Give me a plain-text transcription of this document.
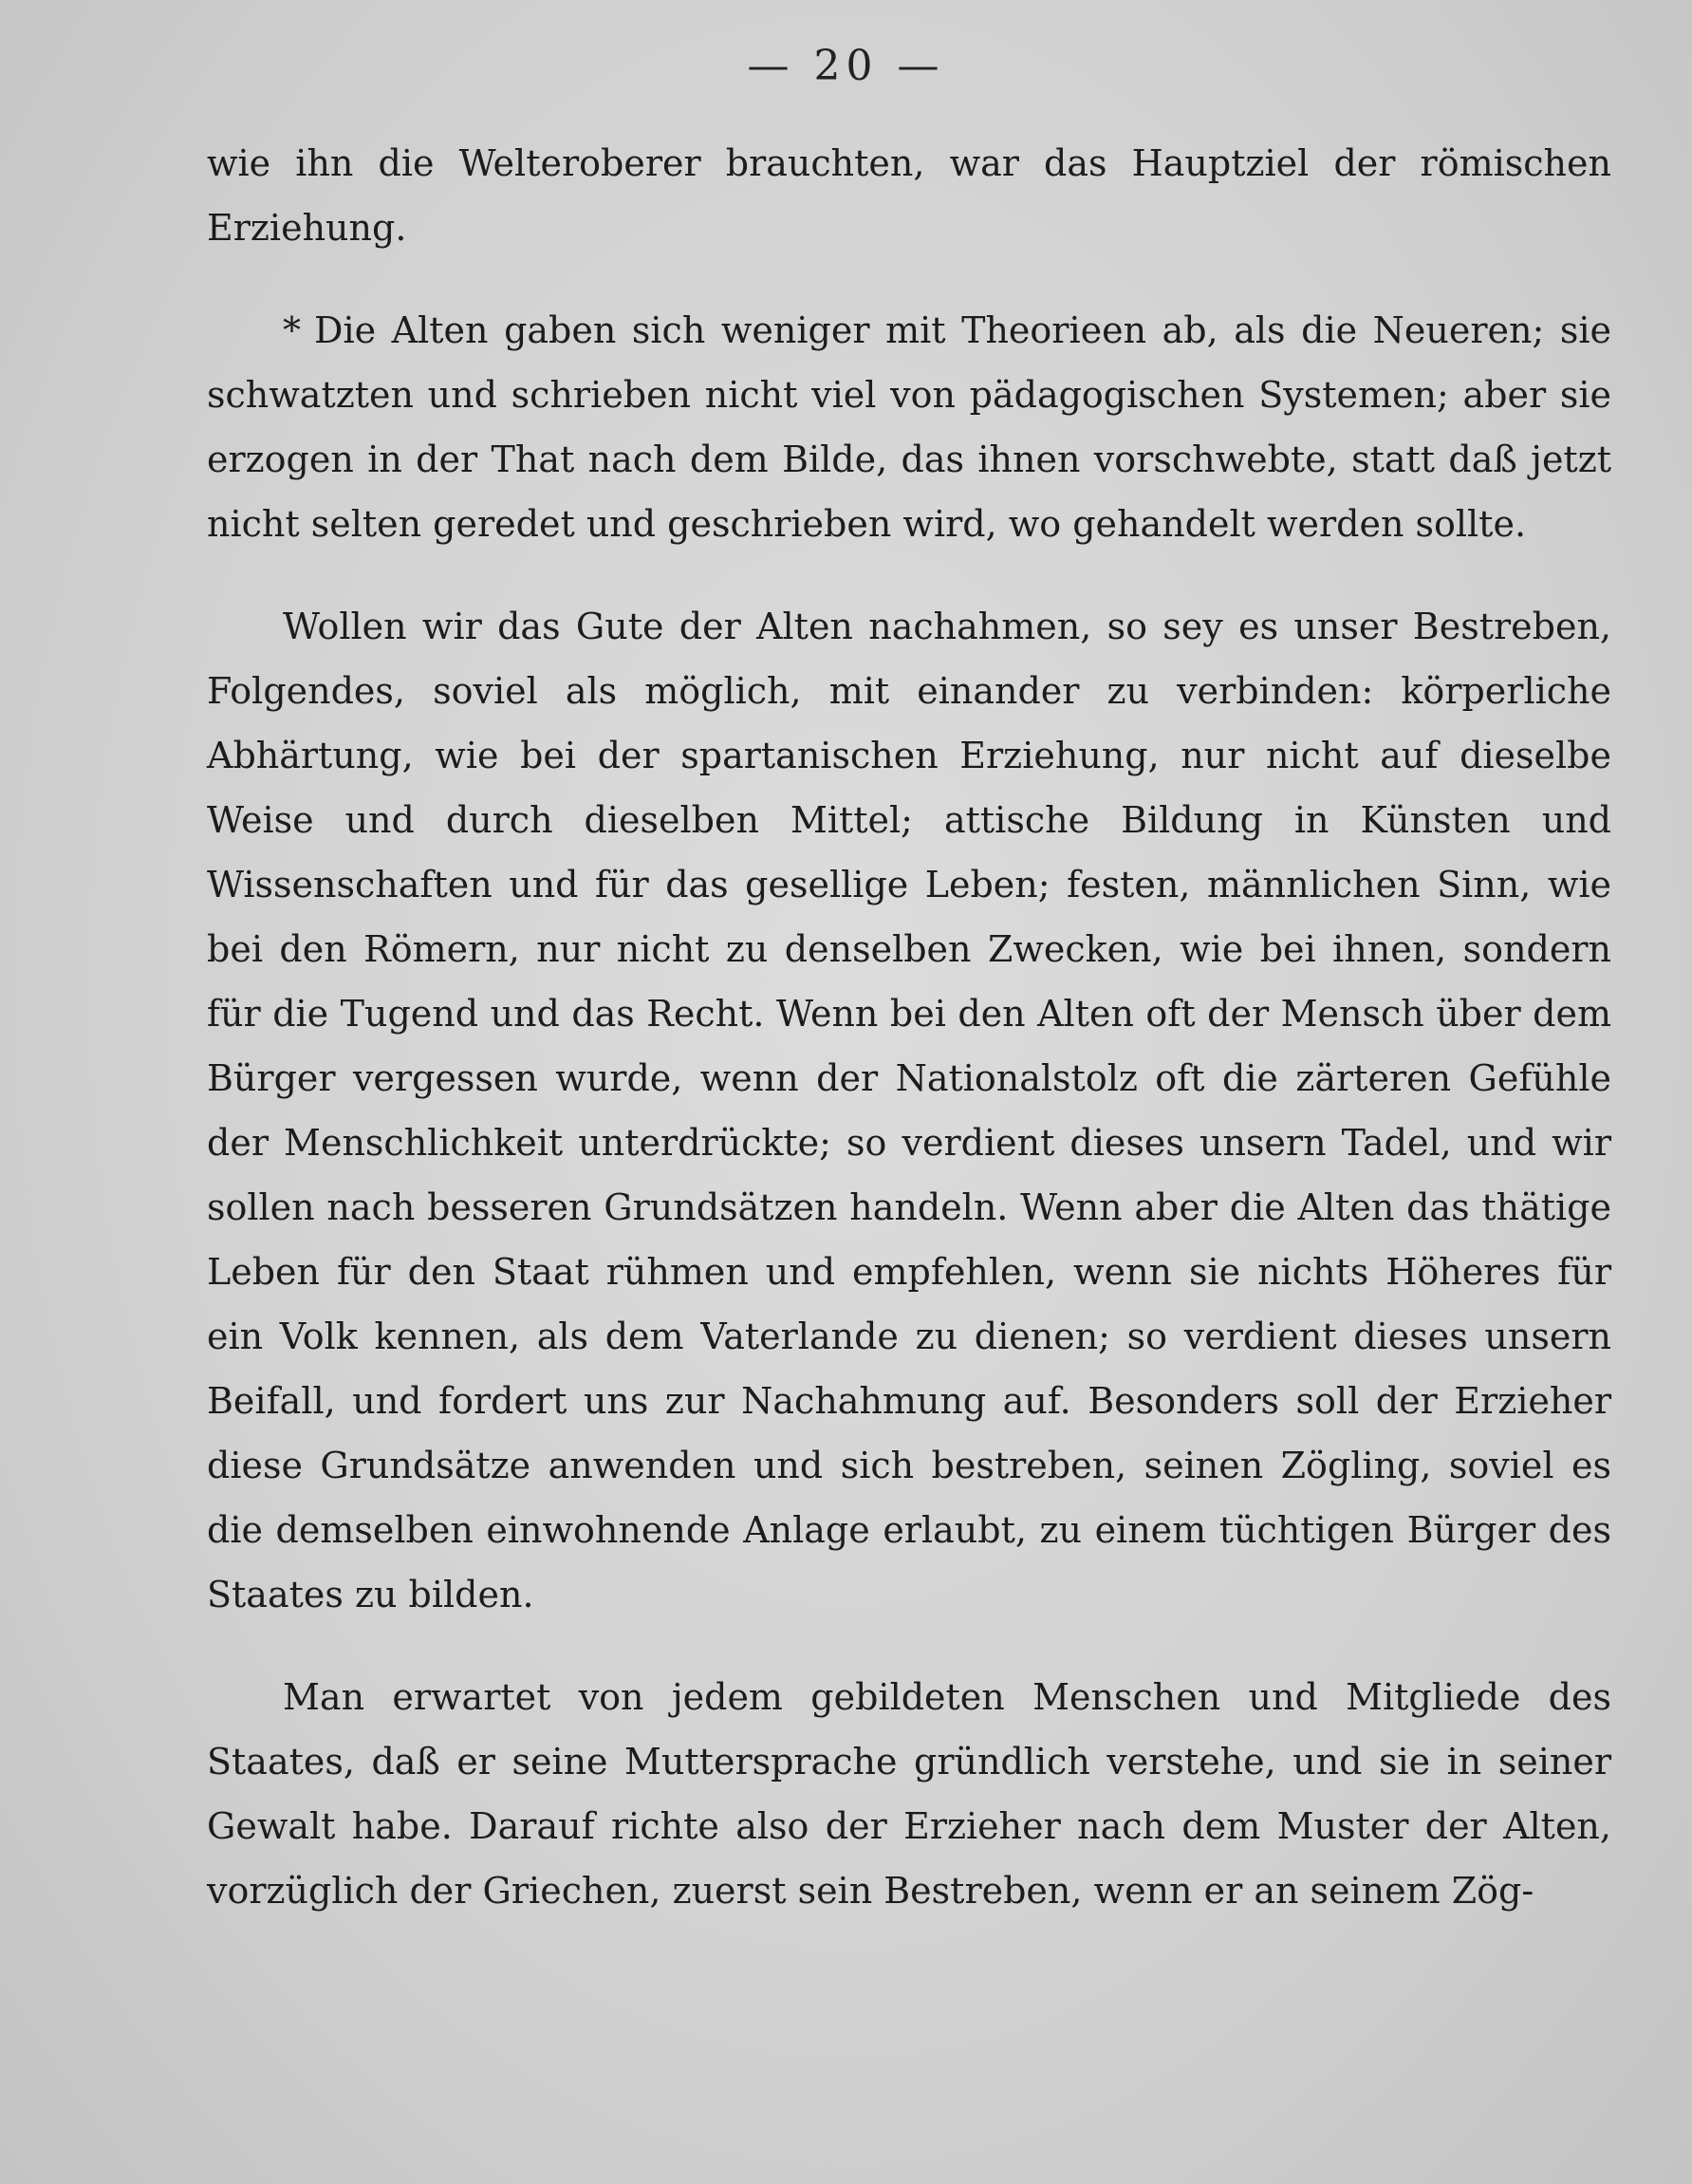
— 20 —

wie ihn die Welteroberer brauchten, war das Hauptziel der römischen Erziehung.

* Die Alten gaben sich weniger mit Theorieen ab, als die Neueren; sie schwatzten und schrieben nicht viel von pädagogischen Systemen; aber sie erzogen in der That nach dem Bilde, das ihnen vorschwebte, statt daß jetzt nicht selten geredet und geschrieben wird, wo gehandelt werden sollte.

Wollen wir das Gute der Alten nachahmen, so sey es unser Bestreben, Folgendes, soviel als möglich, mit einander zu verbinden: körperliche Abhärtung, wie bei der spartanischen Erziehung, nur nicht auf dieselbe Weise und durch dieselben Mittel; attische Bildung in Künsten und Wissenschaften und für das gesellige Leben; festen, männlichen Sinn, wie bei den Römern, nur nicht zu denselben Zwecken, wie bei ihnen, sondern für die Tugend und das Recht. Wenn bei den Alten oft der Mensch über dem Bürger vergessen wurde, wenn der Nationalstolz oft die zärteren Gefühle der Menschlichkeit unterdrückte; so verdient dieses unsern Tadel, und wir sollen nach besseren Grundsätzen handeln. Wenn aber die Alten das thätige Leben für den Staat rühmen und empfehlen, wenn sie nichts Höheres für ein Volk kennen, als dem Vaterlande zu dienen; so verdient dieses unsern Beifall, und fordert uns zur Nachahmung auf. Besonders soll der Erzieher diese Grundsätze anwenden und sich bestreben, seinen Zögling, soviel es die demselben einwohnende Anlage erlaubt, zu einem tüchtigen Bürger des Staates zu bilden.

Man erwartet von jedem gebildeten Menschen und Mitgliede des Staates, daß er seine Muttersprache gründlich verstehe, und sie in seiner Gewalt habe. Darauf richte also der Erzieher nach dem Muster der Alten, vorzüglich der Griechen, zuerst sein Bestreben, wenn er an seinem Zög-
